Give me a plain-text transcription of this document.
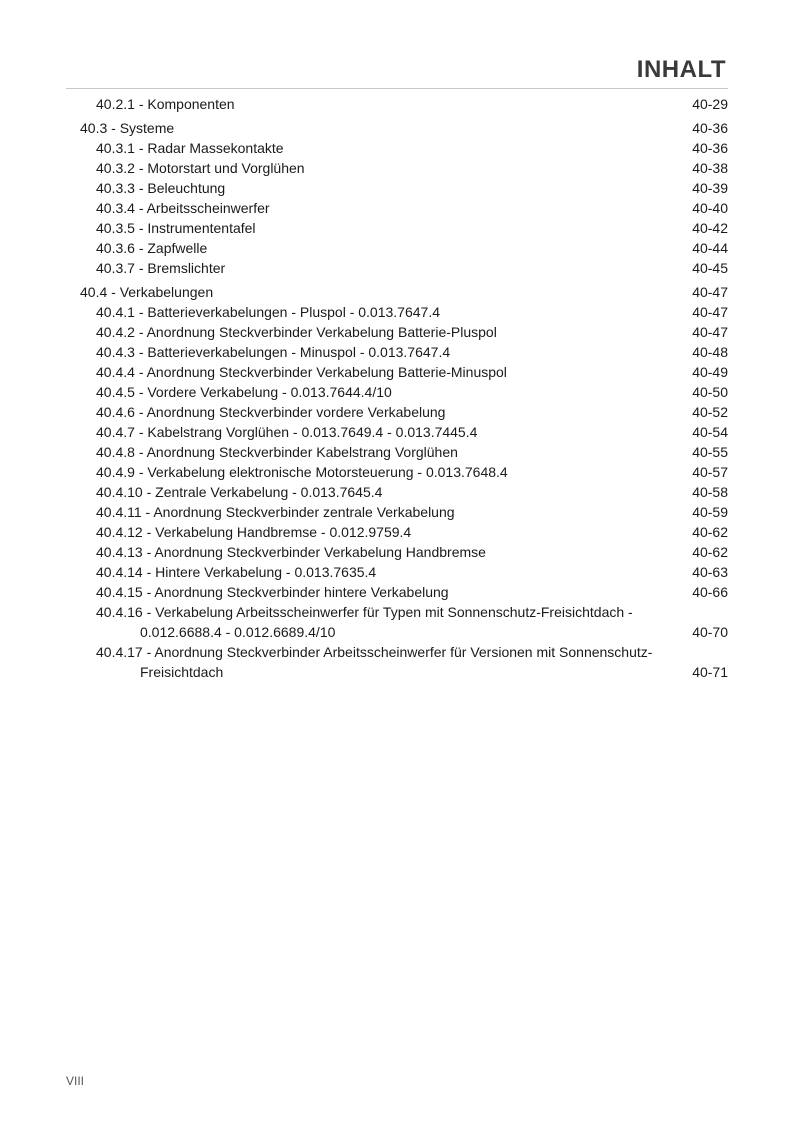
INHALT
40.2.1 - Komponenten	40-29
40.3 - Systeme	40-36
40.3.1 - Radar Massekontakte	40-36
40.3.2 - Motorstart und Vorglühen	40-38
40.3.3 - Beleuchtung	40-39
40.3.4 - Arbeitsscheinwerfer	40-40
40.3.5 - Instrumententafel	40-42
40.3.6 - Zapfwelle	40-44
40.3.7 - Bremslichter	40-45
40.4 - Verkabelungen	40-47
40.4.1 - Batterieverkabelungen - Pluspol - 0.013.7647.4	40-47
40.4.2 - Anordnung Steckverbinder Verkabelung Batterie-Pluspol	40-47
40.4.3 - Batterieverkabelungen - Minuspol - 0.013.7647.4	40-48
40.4.4 - Anordnung Steckverbinder Verkabelung Batterie-Minuspol	40-49
40.4.5 - Vordere Verkabelung - 0.013.7644.4/10	40-50
40.4.6 - Anordnung Steckverbinder vordere Verkabelung	40-52
40.4.7 - Kabelstrang Vorglühen - 0.013.7649.4 - 0.013.7445.4	40-54
40.4.8 - Anordnung Steckverbinder Kabelstrang Vorglühen	40-55
40.4.9 - Verkabelung elektronische Motorsteuerung - 0.013.7648.4	40-57
40.4.10 - Zentrale Verkabelung - 0.013.7645.4	40-58
40.4.11 - Anordnung Steckverbinder zentrale Verkabelung	40-59
40.4.12 - Verkabelung Handbremse - 0.012.9759.4	40-62
40.4.13 - Anordnung Steckverbinder Verkabelung Handbremse	40-62
40.4.14 - Hintere Verkabelung - 0.013.7635.4	40-63
40.4.15 - Anordnung Steckverbinder hintere Verkabelung	40-66
40.4.16 - Verkabelung Arbeitsscheinwerfer für Typen mit Sonnenschutz-Freisichtdach -
0.012.6688.4 - 0.012.6689.4/10	40-70
40.4.17 - Anordnung Steckverbinder Arbeitsscheinwerfer für Versionen mit Sonnenschutz-
Freisichtdach	40-71
VIII
